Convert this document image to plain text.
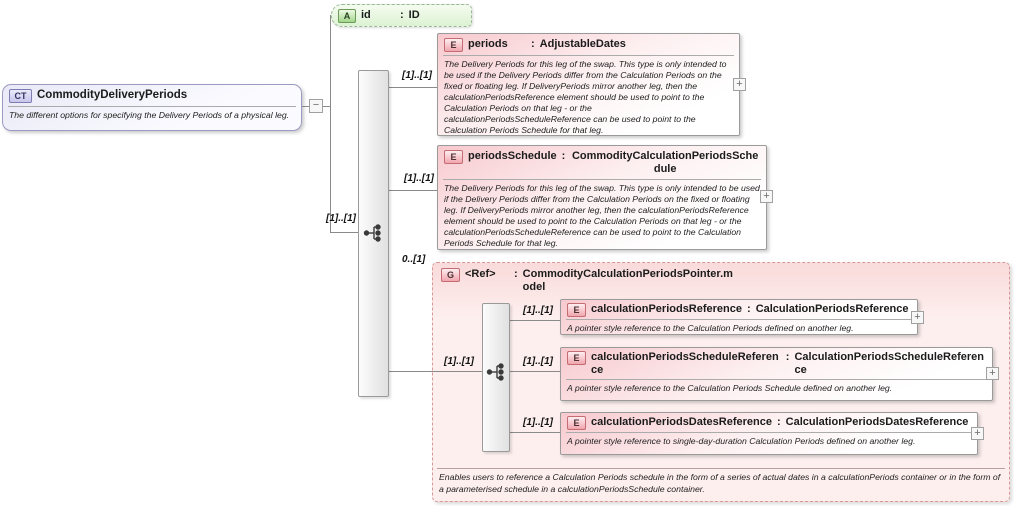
[1]..[1]
[1]..[1]
[1]..[1]
0..[1]
[1]..[1]
[1]..[1]
[1]..[1]
[1]..[1]
CT CommodityDeliveryPeriods
The different options for specifying the Delivery Periods of a physical leg.
−
A id	: ID
E	periods	: AdjustableDates
The Delivery Periods for this leg of the swap. This type is only intended to be used if the Delivery Periods differ from the Calculation Periods on the fixed or floating leg. If DeliveryPeriods mirror another leg, then the calculationPeriodsReference element should be used to point to the Calculation Periods on that leg - or the calculationPeriodsScheduleReference can be used to point to the Calculation Periods Schedule for that leg.
+
E	periodsSchedule : CommodityCalculationPeriodsSchedule
The Delivery Periods for this leg of the swap. This type is only intended to be used if the Delivery Periods differ from the Calculation Periods on the fixed or floating leg. If DeliveryPeriods mirror another leg, then the calculationPeriodsReference element should be used to point to the Calculation Periods on that leg - or the calculationPeriodsScheduleReference can be used to point to the Calculation Periods Schedule for that leg.
+
G	<Ref>	: CommodityCalculationPeriodsPointer.model
Enables users to reference a Calculation Periods schedule in the form of a series of actual dates in a calculationPeriods container or in the form of a parameterised schedule in a calculationPeriodsSchedule container.
E	calculationPeriodsReference : CalculationPeriodsReference
A pointer style reference to the Calculation Periods defined on another leg.
+
E	calculationPeriodsScheduleReference
: CalculationPeriodsScheduleReference
A pointer style reference to the Calculation Periods Schedule defined on another leg.
+
E	calculationPeriodsDatesReference : CalculationPeriodsDatesReference
A pointer style reference to single-day-duration Calculation Periods defined on another leg.
+
